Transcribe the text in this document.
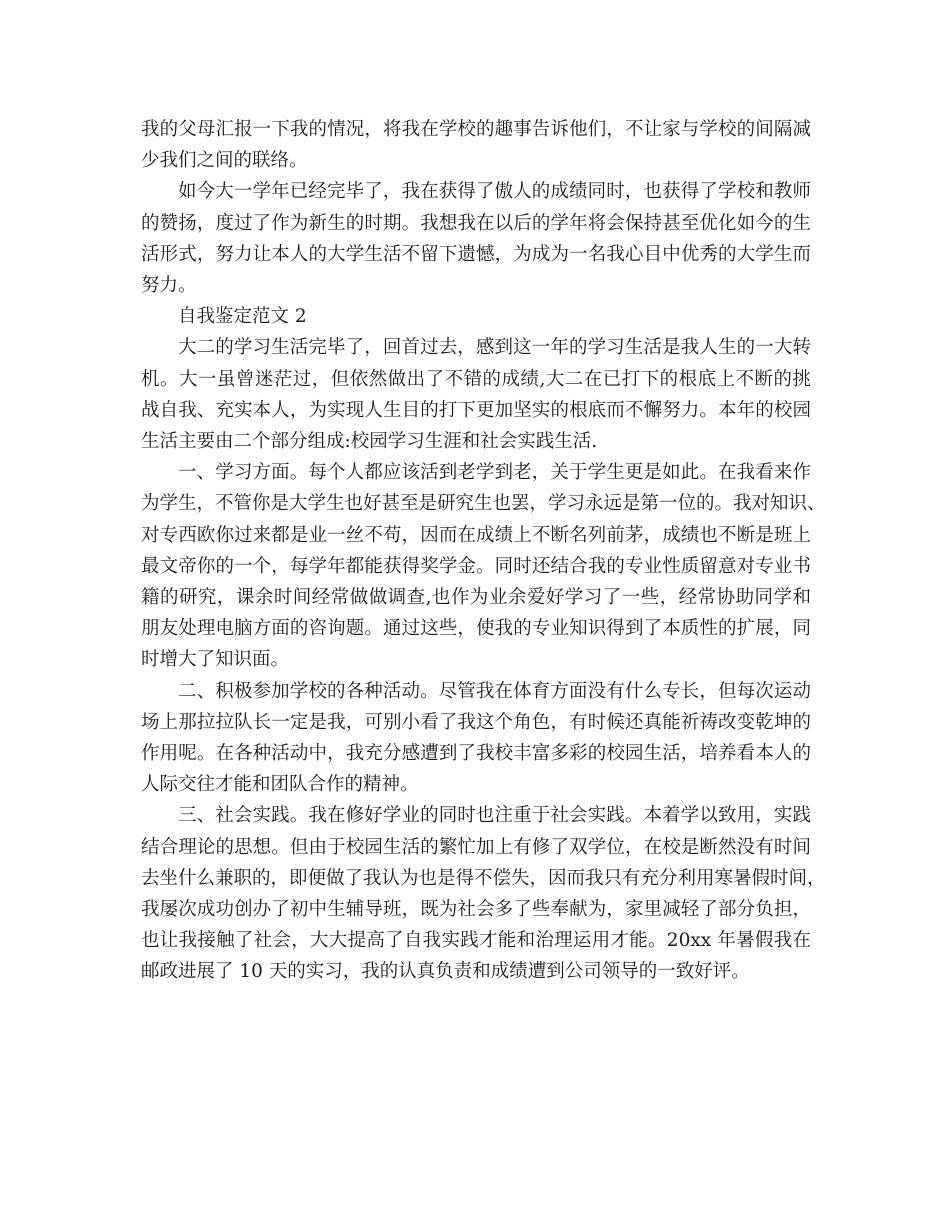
我的父母汇报一下我的情况，将我在学校的趣事告诉他们，不让家与学校的间隔减
少我们之间的联络。

如今大一学年已经完毕了，我在获得了傲人的成绩同时，也获得了学校和教师
的赞扬，度过了作为新生的时期。我想我在以后的学年将会保持甚至优化如今的生
活形式，努力让本人的大学生活不留下遗憾，为成为一名我心目中优秀的大学生而
努力。

自我鉴定范文 2

大二的学习生活完毕了，回首过去，感到这一年的学习生活是我人生的一大转
机。大一虽曾迷茫过，但依然做出了不错的成绩,大二在已打下的根底上不断的挑
战自我、充实本人，为实现人生目的打下更加坚实的根底而不懈努力。本年的校园
生活主要由二个部分组成:校园学习生涯和社会实践生活.

一、学习方面。每个人都应该活到老学到老，关于学生更是如此。在我看来作
为学生，不管你是大学生也好甚至是研究生也罢，学习永远是第一位的。我对知识、
对专西欧你过来都是业一丝不苟，因而在成绩上不断名列前茅，成绩也不断是班上
最文帝你的一个，每学年都能获得奖学金。同时还结合我的专业性质留意对专业书
籍的研究，课余时间经常做做调查,也作为业余爱好学习了一些，经常协助同学和
朋友处理电脑方面的咨询题。通过这些，使我的专业知识得到了本质性的扩展，同
时增大了知识面。

二、积极参加学校的各种活动。尽管我在体育方面没有什么专长，但每次运动
场上那拉拉队长一定是我，可别小看了我这个角色，有时候还真能祈祷改变乾坤的
作用呢。在各种活动中，我充分感遭到了我校丰富多彩的校园生活，培养看本人的
人际交往才能和团队合作的精神。

三、社会实践。我在修好学业的同时也注重于社会实践。本着学以致用，实践
结合理论的思想。但由于校园生活的繁忙加上有修了双学位，在校是断然没有时间
去坐什么兼职的，即便做了我认为也是得不偿失，因而我只有充分利用寒暑假时间，
我屡次成功创办了初中生辅导班，既为社会多了些奉献为，家里减轻了部分负担，
也让我接触了社会，大大提高了自我实践才能和治理运用才能。20xx 年暑假我在
邮政进展了 10 天的实习，我的认真负责和成绩遭到公司领导的一致好评。
